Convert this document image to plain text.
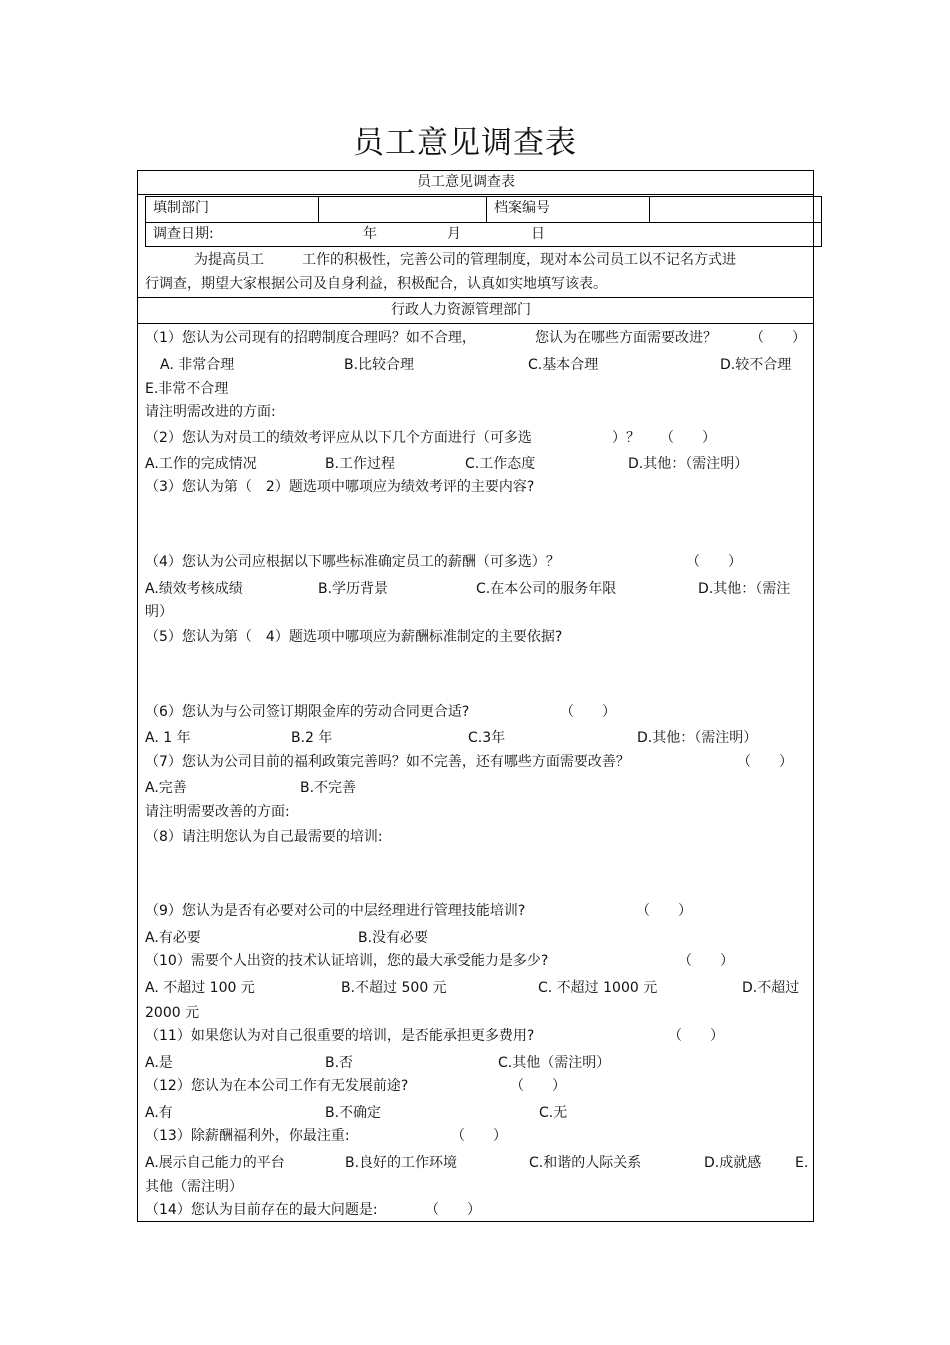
员工意见调查表
员工意见调查表
填制部门	档案编号
调查日期:	年	月	日
为提高员工	工作的积极性，完善公司的管理制度，现对本公司员工以不记名方式进
行调查，期望大家根据公司及自身利益，积极配合，认真如实地填写该表。
行政人力资源管理部门
（1）您认为公司现有的招聘制度合理吗？如不合理，	您认为在哪些方面需要改进？ （　　）
A. 非常合理	B.比较合理	C.基本合理	D.较不合理
E.非常不合理
请注明需改进的方面:
（2）您认为对员工的绩效考评应从以下几个方面进行（可多选	）？ （　　）
A.工作的完成情况	B.工作过程	C.工作态度	D.其他：（需注明）
（3）您认为第（　2）题选项中哪项应为绩效考评的主要内容?
（4）您认为公司应根据以下哪些标准确定员工的薪酬（可多选）？	（　　）
A.绩效考核成绩	B.学历背景	C.在本公司的服务年限	D.其他：（需注
明）
（5）您认为第（　4）题选项中哪项应为薪酬标准制定的主要依据?
（6）您认为与公司签订期限金库的劳动合同更合适?	（　　）
A. 1 年	B.2 年	C.3年	D.其他：（需注明）
（7）您认为公司目前的福利政策完善吗？如不完善，还有哪些方面需要改善？	（　　）
A.完善	B.不完善
请注明需要改善的方面:
（8）请注明您认为自己最需要的培训:
（9）您认为是否有必要对公司的中层经理进行管理技能培训?	（　　）
A.有必要	B.没有必要
（10）需要个人出资的技术认证培训，您的最大承受能力是多少?	（　　）
A. 不超过 100 元	B.不超过 500 元	C. 不超过 1000 元	D.不超过
2000 元
（11）如果您认为对自己很重要的培训，是否能承担更多费用?	（　　）
A.是	B.否	C.其他（需注明）
（12）您认为在本公司工作有无发展前途?	（　　）
A.有	B.不确定	C.无
（13）除薪酬福利外，你最注重:	（　　）
A.展示自己能力的平台	B.良好的工作环境	C.和谐的人际关系	D.成就感 E.
其他（需注明）
（14）您认为目前存在的最大问题是:	（　　）
